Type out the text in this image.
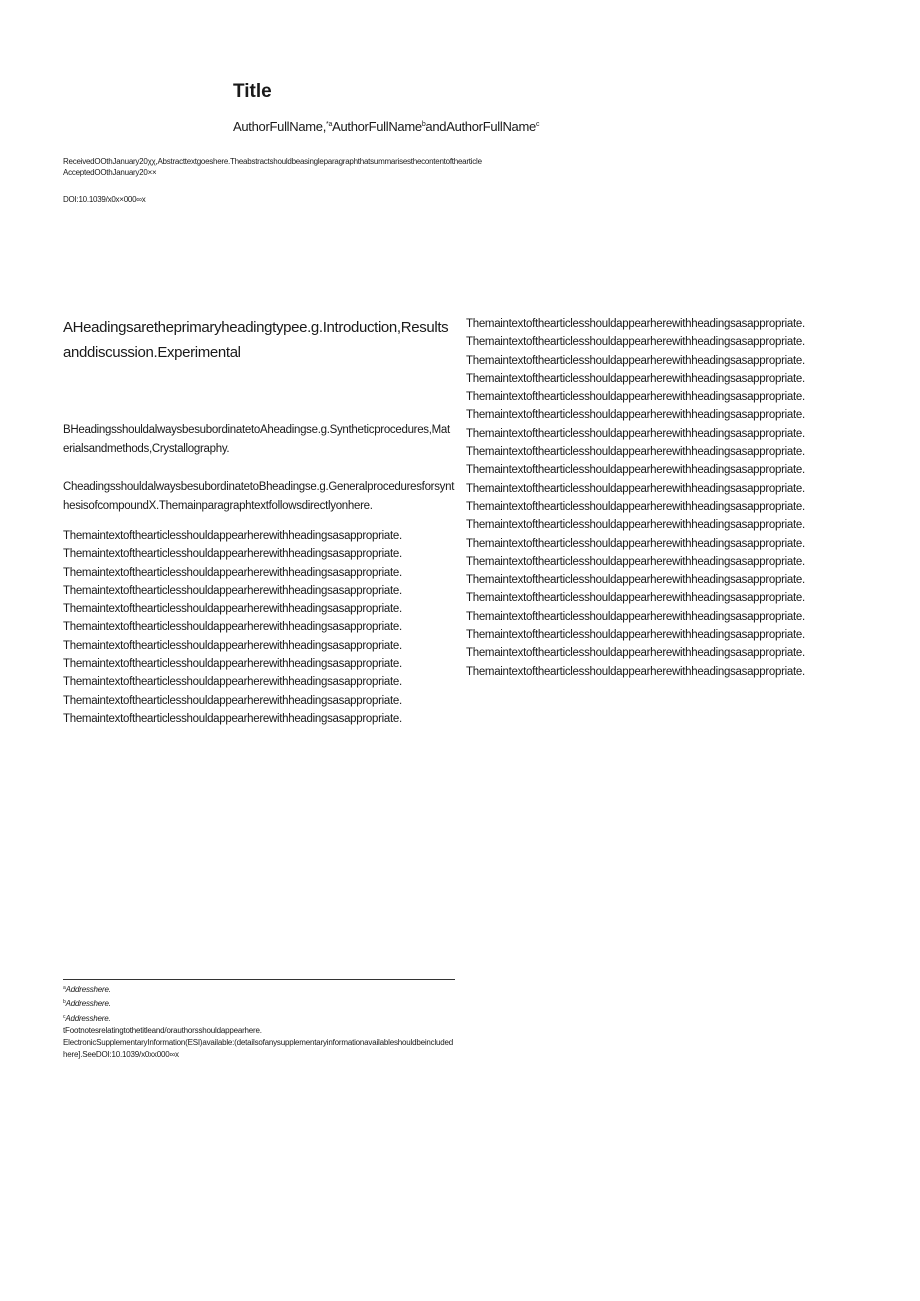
Title
AuthorFullName,$^{*a}$AuthorFullName$^b$andAuthorFullName$^c$
ReceivedOOthJanuary20χχ,Abstracttextgoeshere.Theabstractshouldbeasingleparagraphthatsummarisesthecontentofthearticle
AcceptedOOthJanuary20××
DOI:10.1039/x0x×000∞x
AHeadingsaretheprimaryheadingtypee.g.Introduction,Resultsanddiscussion.Experimental

BHeadingsshouldalwaysbesubordinatetoAheadingse.g.Syntheticprocedures,Materialsandmethods,Crystallography.

CheadingsshouldalwaysbesubordinatetoBheadingse.g.GeneralproceduresforsynthesisofcompoundX.Themainparagraphtextfollowsdirectlyonhere.

Themaintextofthearticlesshouldappearherewithheadingsasappropriate.

Themaintextofthearticlesshouldappearherewithheadingsasappropriate.

Themaintextofthearticlesshouldappearherewithheadingsasappropriate.

Themaintextofthearticlesshouldappearherewithheadingsasappropriate.

Themaintextofthearticlesshouldappearherewithheadingsasappropriate.

Themaintextofthearticlesshouldappearherewithheadingsasappropriate.

Themaintextofthearticlesshouldappearherewithheadingsasappropriate.

Themaintextofthearticlesshouldappearherewithheadingsasappropriate.

Themaintextofthearticlesshouldappearherewithheadingsasappropriate.

Themaintextofthearticlesshouldappearherewithheadingsasappropriate.

Themaintextofthearticlesshouldappearherewithheadingsasappropriate.

Themaintextofthearticlesshouldappearherewithheadingsasappropriate.

Themaintextofthearticlesshouldappearherewithheadingsasappropriate.

Themaintextofthearticlesshouldappearherewithheadingsasappropriate.

Themaintextofthearticlesshouldappearherewithheadingsasappropriate.

Themaintextofthearticlesshouldappearherewithheadingsasappropriate.

Themaintextofthearticlesshouldappearherewithheadingsasappropriate.

Themaintextofthearticlesshouldappearherewithheadingsasappropriate.

Themaintextofthearticlesshouldappearherewithheadingsasappropriate.

Themaintextofthearticlesshouldappearherewithheadingsasappropriate.

Themaintextofthearticlesshouldappearherewithheadingsasappropriate.

Themaintextofthearticlesshouldappearherewithheadingsasappropriate.

Themaintextofthearticlesshouldappearherewithheadingsasappropriate.

Themaintextofthearticlesshouldappearherewithheadingsasappropriate.

Themaintextofthearticlesshouldappearherewithheadingsasappropriate.

Themaintextofthearticlesshouldappearherewithheadingsasappropriate.

Themaintextofthearticlesshouldappearherewithheadingsasappropriate.

Themaintextofthearticlesshouldappearherewithheadingsasappropriate.

Themaintextofthearticlesshouldappearherewithheadingsasappropriate.

Themaintextofthearticlesshouldappearherewithheadingsasappropriate.

Themaintextofthearticlesshouldappearherewithheadingsasappropriate.

$^a$Addresshere.

$^b$Addresshere.

$^c$Addresshere.

tFootnotesrelatingtothetitleand/orauthorsshouldappearhere.

ElectronicSupplementaryInformation(ESI)available:(detailsofanysupplementaryinformationavailableshouldbeincludedhere].SeeDOI:10.1039/x0xx000∞x
